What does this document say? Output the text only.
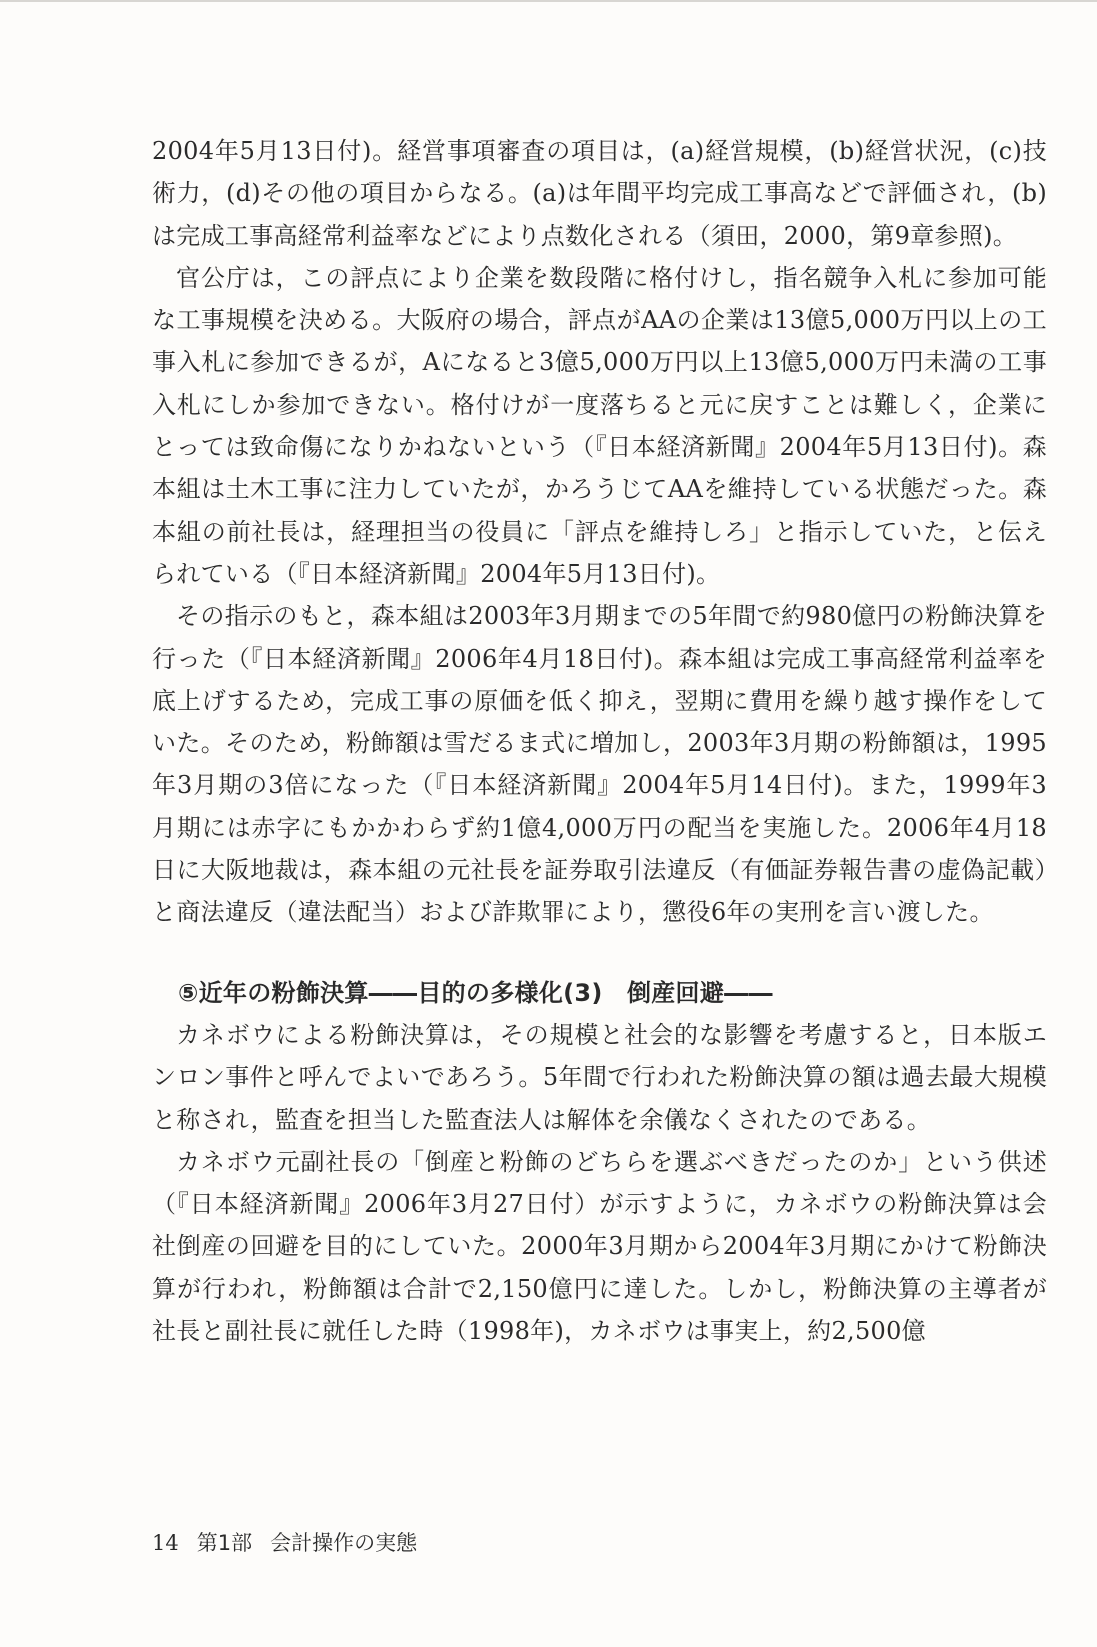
2004年5月13日付)。経営事項審査の項目は，(a)経営規模，(b)経営状況，(c)技術力，(d)その他の項目からなる。(a)は年間平均完成工事高などで評価され，(b)は完成工事高経常利益率などにより点数化される（須田，2000，第9章参照)。

官公庁は，この評点により企業を数段階に格付けし，指名競争入札に参加可能な工事規模を決める。大阪府の場合，評点がAAの企業は13億5,000万円以上の工事入札に参加できるが，Aになると3億5,000万円以上13億5,000万円未満の工事入札にしか参加できない。格付けが一度落ちると元に戻すことは難しく，企業にとっては致命傷になりかねないという（『日本経済新聞』2004年5月13日付)。森本組は土木工事に注力していたが，かろうじてAAを維持している状態だった。森本組の前社長は，経理担当の役員に「評点を維持しろ」と指示していた，と伝えられている（『日本経済新聞』2004年5月13日付)。

その指示のもと，森本組は2003年3月期までの5年間で約980億円の粉飾決算を行った（『日本経済新聞』2006年4月18日付)。森本組は完成工事高経常利益率を底上げするため，完成工事の原価を低く抑え，翌期に費用を繰り越す操作をしていた。そのため，粉飾額は雪だるま式に増加し，2003年3月期の粉飾額は，1995年3月期の3倍になった（『日本経済新聞』2004年5月14日付)。また，1999年3月期には赤字にもかかわらず約1億4,000万円の配当を実施した。2006年4月18日に大阪地裁は，森本組の元社長を証券取引法違反（有価証券報告書の虚偽記載）と商法違反（違法配当）および詐欺罪により，懲役6年の実刑を言い渡した。

⑤近年の粉飾決算――目的の多様化(3)　倒産回避――

カネボウによる粉飾決算は，その規模と社会的な影響を考慮すると，日本版エンロン事件と呼んでよいであろう。5年間で行われた粉飾決算の額は過去最大規模と称され，監査を担当した監査法人は解体を余儀なくされたのである。

カネボウ元副社長の「倒産と粉飾のどちらを選ぶべきだったのか」という供述（『日本経済新聞』2006年3月27日付）が示すように，カネボウの粉飾決算は会社倒産の回避を目的にしていた。2000年3月期から2004年3月期にかけて粉飾決算が行われ，粉飾額は合計で2,150億円に達した。しかし，粉飾決算の主導者が社長と副社長に就任した時（1998年)，カネボウは事実上，約2,500億

14 第1部 会計操作の実態
